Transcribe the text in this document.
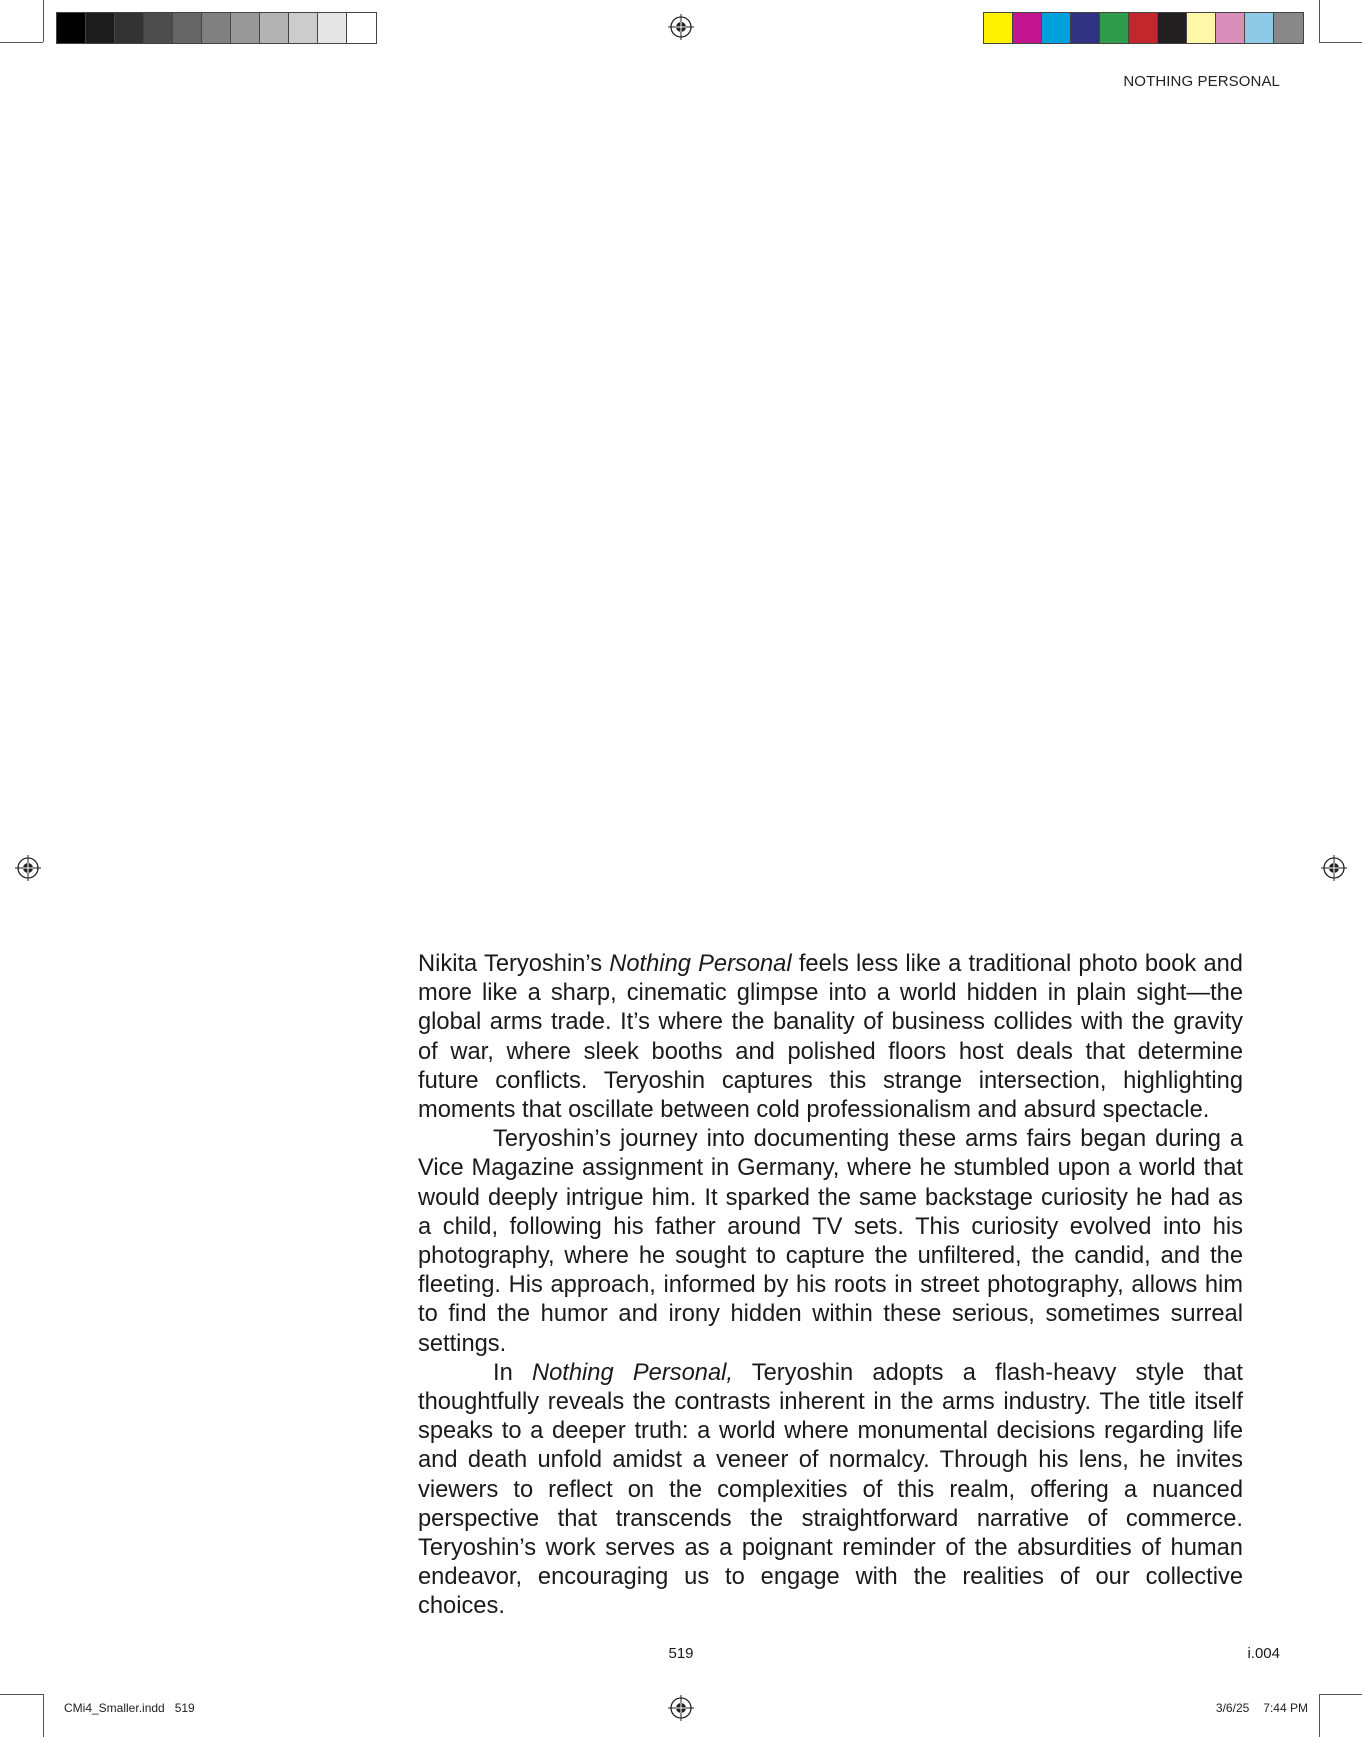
NOTHING PERSONAL

Nikita Teryoshin’s Nothing Personal feels less like a traditional photo book and more like a sharp, cinematic glimpse into a world hidden in plain sight—the global arms trade. It’s where the banality of business collides with the gravity of war, where sleek booths and polished floors host deals that determine future conflicts. Teryoshin captures this strange intersection, highlighting moments that oscillate between cold professionalism and absurd spectacle.

Teryoshin’s journey into documenting these arms fairs began during a Vice Magazine assignment in Germany, where he stumbled upon a world that would deeply intrigue him. It sparked the same backstage curiosity he had as a child, following his father around TV sets. This curiosity evolved into his photography, where he sought to capture the unfiltered, the candid, and the fleeting. His approach, informed by his roots in street photography, allows him to find the humor and irony hidden within these serious, sometimes surreal settings.

In Nothing Personal, Teryoshin adopts a flash-heavy style that thoughtfully reveals the contrasts inherent in the arms industry. The title itself speaks to a deeper truth: a world where monumental decisions regarding life and death unfold amidst a veneer of normalcy. Through his lens, he invites viewers to reflect on the complexities of this realm, offering a nuanced perspective that transcends the straightforward narrative of commerce. Teryoshin’s work serves as a poignant reminder of the absurdities of human endeavor, encouraging us to engage with the realities of our collective choices.

519	i.004
CMi4_Smaller.indd   519	3/6/25 7:44 PM
